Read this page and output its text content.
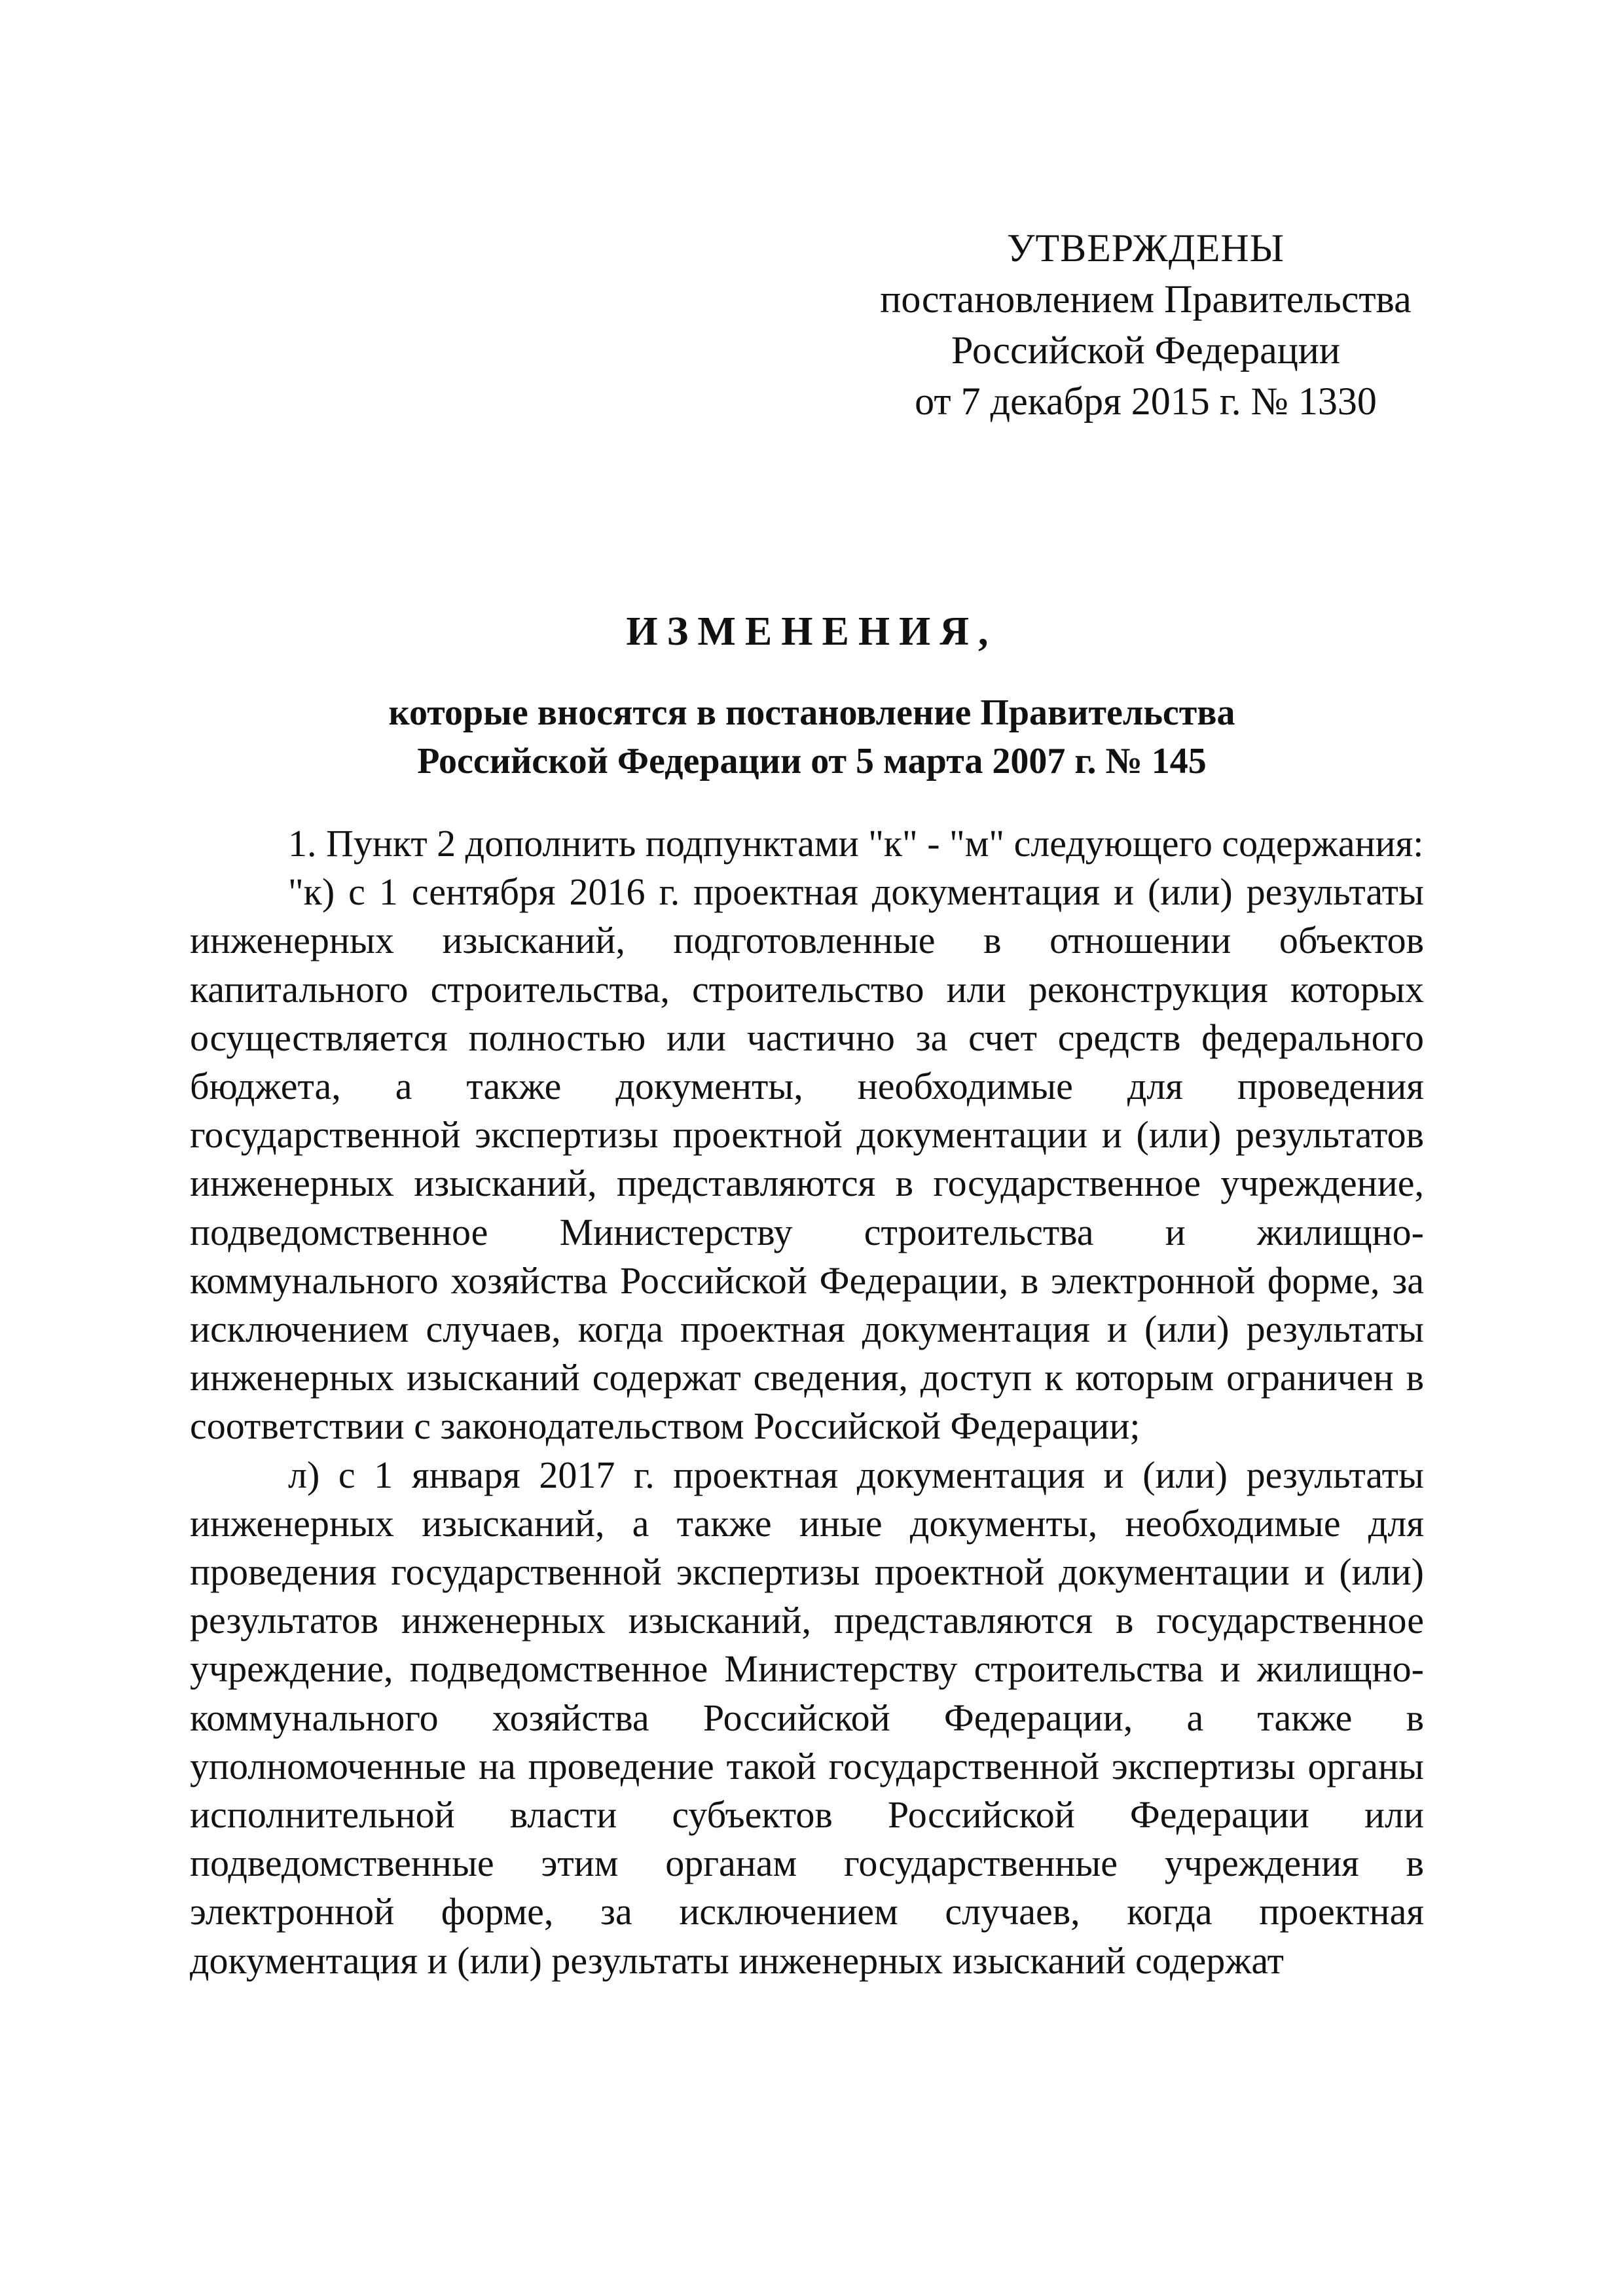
УТВЕРЖДЕНЫ
постановлением Правительства
Российской Федерации
от 7 декабря 2015 г. № 1330
ИЗМЕНЕНИЯ,
которые вносятся в постановление Правительства
Российской Федерации от 5 марта 2007 г. № 145

1. Пункт 2 дополнить подпунктами "к" - "м" следующего содержания:

"к) с 1 сентября 2016 г. проектная документация и (или) результаты инженерных изысканий, подготовленные в отношении объектов капитального строительства, строительство или реконструкция которых осуществляется полностью или частично за счет средств федерального бюджета, а также документы, необходимые для проведения государственной экспертизы проектной документации и (или) результатов инженерных изысканий, представляются в государственное учреждение, подведомственное Министерству строительства и жилищно-коммунального хозяйства Российской Федерации, в электронной форме, за исключением случаев, когда проектная документация и (или) результаты инженерных изысканий содержат сведения, доступ к которым ограничен в соответствии с законодательством Российской Федерации;

л) с 1 января 2017 г. проектная документация и (или) результаты инженерных изысканий, а также иные документы, необходимые для проведения государственной экспертизы проектной документации и (или) результатов инженерных изысканий, представляются в государственное учреждение, подведомственное Министерству строительства и жилищно-коммунального хозяйства Российской Федерации, а также в уполномоченные на проведение такой государственной экспертизы органы исполнительной власти субъектов Российской Федерации или подведомственные этим органам государственные учреждения в электронной форме, за исключением случаев, когда проектная документация и (или) результаты инженерных изысканий содержат
